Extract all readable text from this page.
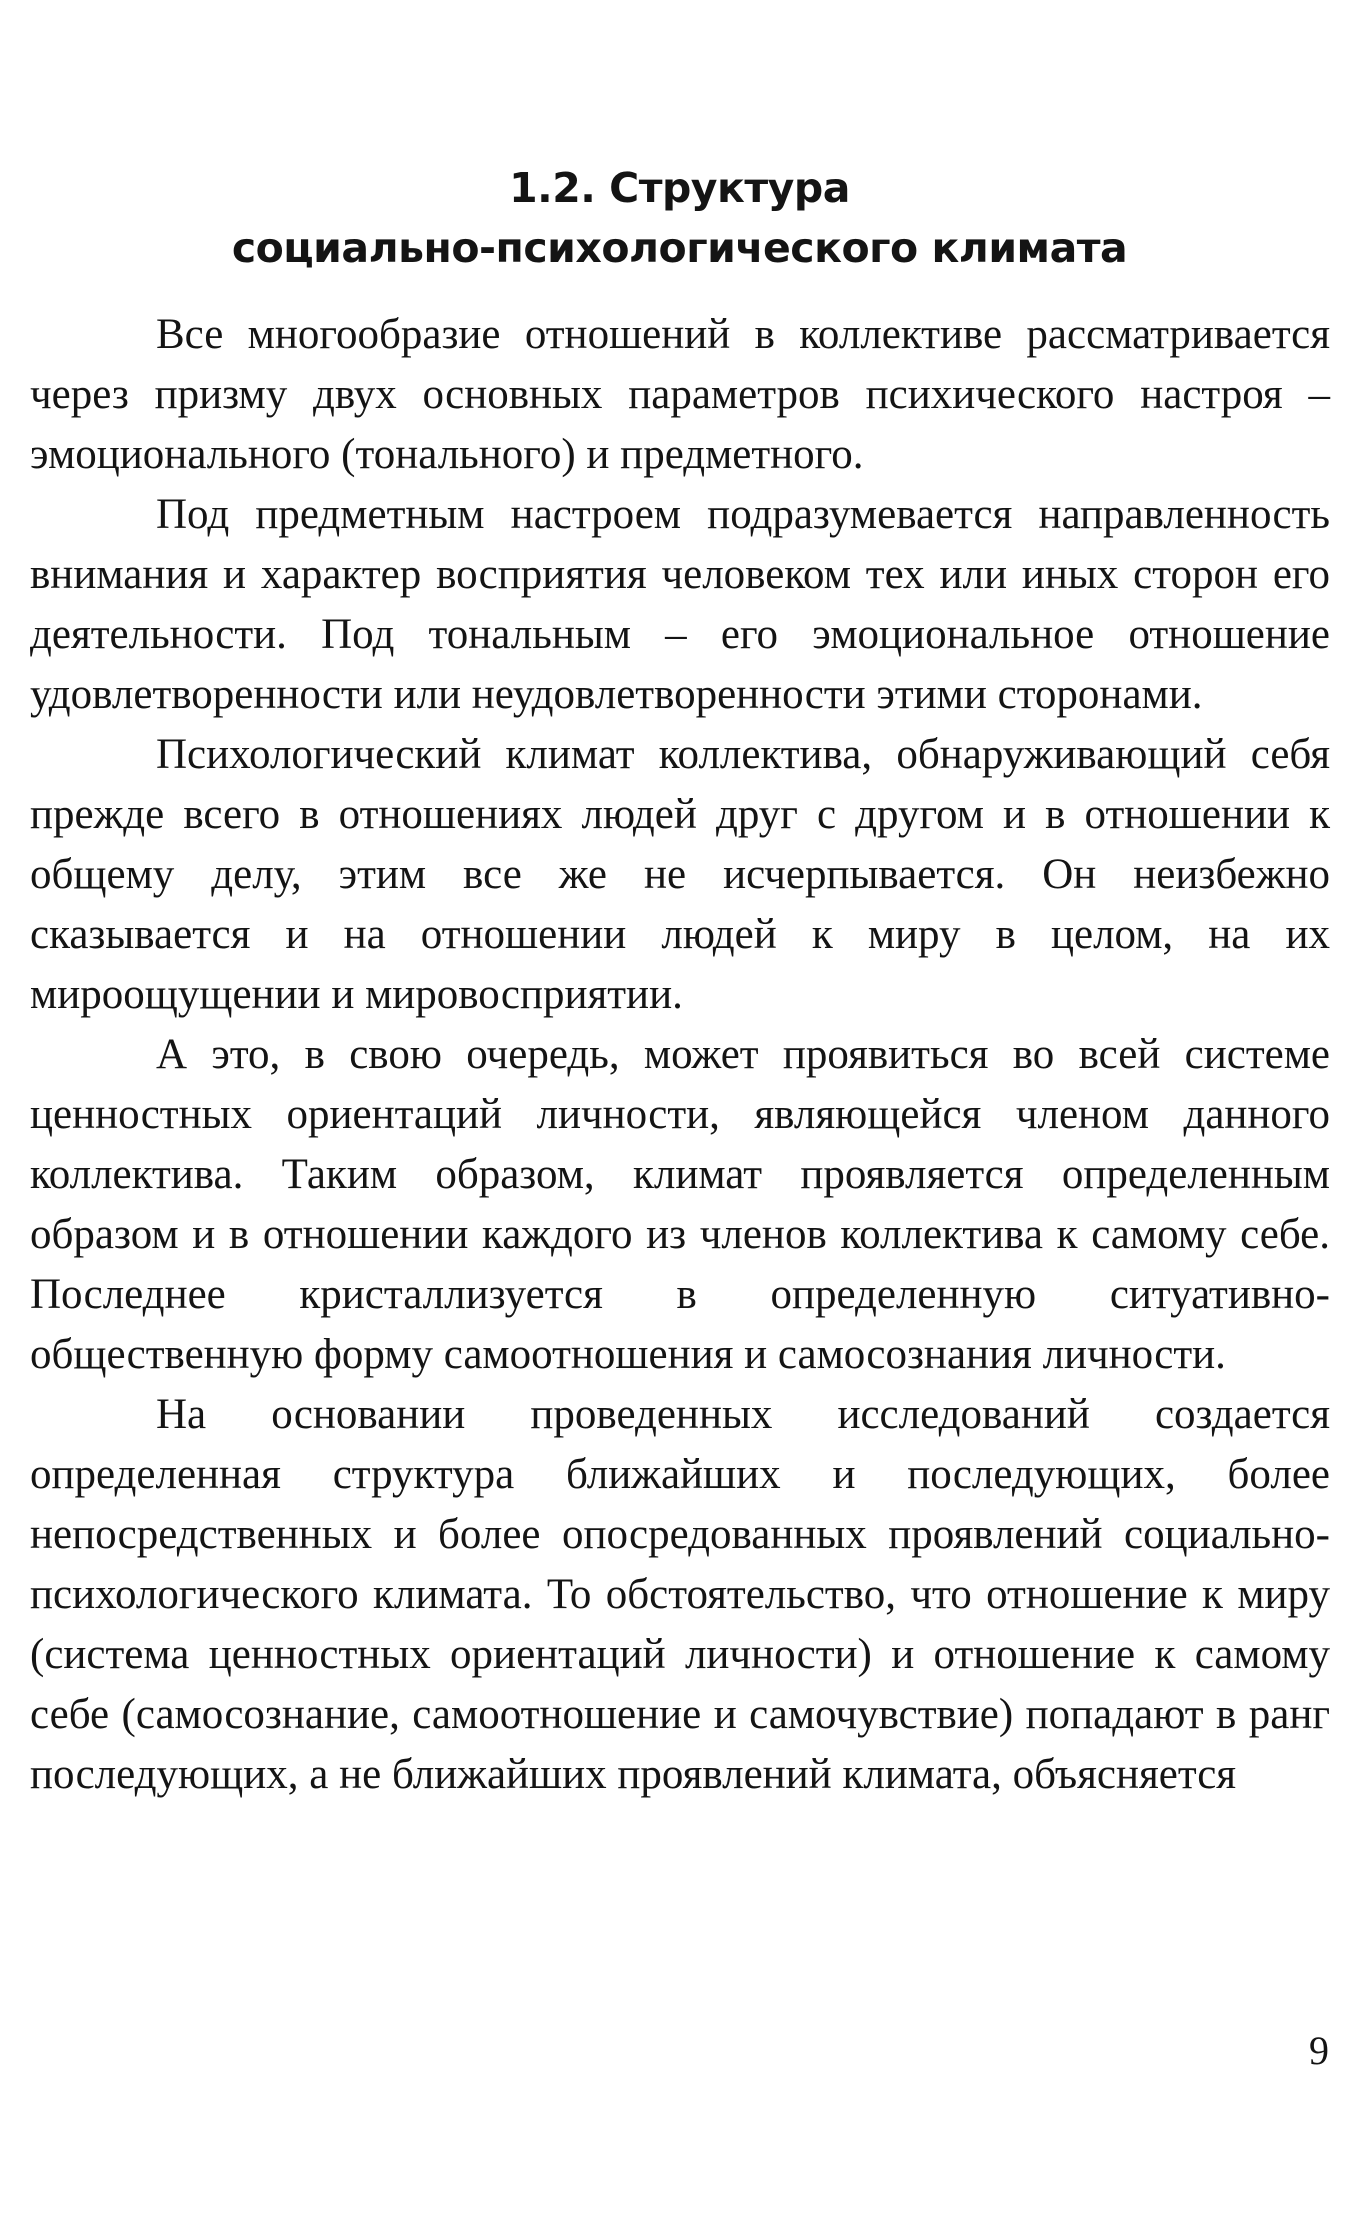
1.2. Структура
социально-психологического климата

Все многообразие отношений в коллективе рассматривается через призму двух основных параметров психического настроя – эмоционального (тонального) и предметного.

Под предметным настроем подразумевается направленность внимания и характер восприятия человеком тех или иных сторон его деятельности. Под тональным – его эмоциональное отношение удовлетворенности или неудовлетворенности этими сторонами.

Психологический климат коллектива, обнаруживающий себя прежде всего в отношениях людей друг с другом и в отношении к общему делу, этим все же не исчерпывается. Он неизбежно сказывается и на отношении людей к миру в целом, на их мироощущении и мировосприятии.

А это, в свою очередь, может проявиться во всей системе ценностных ориентаций личности, являющейся членом данного коллектива. Таким образом, климат проявляется определенным образом и в отношении каждого из членов коллектива к самому себе. Последнее кристаллизуется в определенную ситуативно-общественную форму самоотношения и самосознания личности.

На основании проведенных исследований создается определенная структура ближайших и последующих, более непосредственных и более опосредованных проявлений социально-психологического климата. То обстоятельство, что отношение к миру (система ценностных ориентаций личности) и отношение к самому себе (самосознание, самоотношение и самочувствие) попадают в ранг последующих, а не ближайших проявлений климата, объясняется

9
